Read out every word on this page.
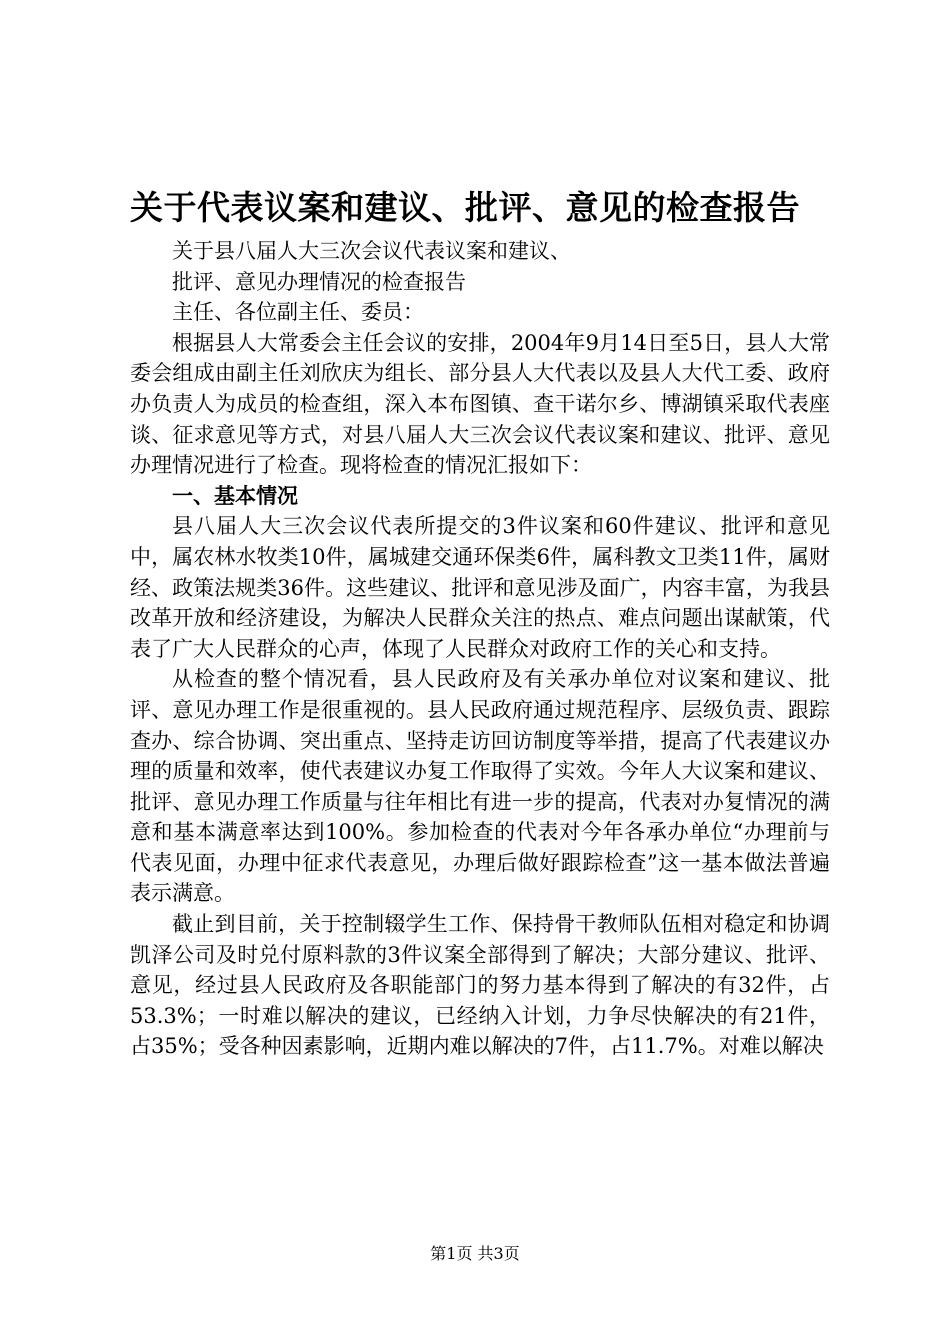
关于代表议案和建议、批评、意见的检查报告

关于县八届人大三次会议代表议案和建议、

批评、意见办理情况的检查报告

主任、各位副主任、委员：

根据县人大常委会主任会议的安排，2004年9月14日至5日，县人大常委会组成由副主任刘欣庆为组长、部分县人大代表以及县人大代工委、政府办负责人为成员的检查组，深入本布图镇、查干诺尔乡、博湖镇采取代表座谈、征求意见等方式，对县八届人大三次会议代表议案和建议、批评、意见办理情况进行了检查。现将检查的情况汇报如下：

一、基本情况

县八届人大三次会议代表所提交的3件议案和60件建议、批评和意见中，属农林水牧类10件，属城建交通环保类6件，属科教文卫类11件，属财经、政策法规类36件。这些建议、批评和意见涉及面广，内容丰富，为我县改革开放和经济建设，为解决人民群众关注的热点、难点问题出谋献策，代表了广大人民群众的心声，体现了人民群众对政府工作的关心和支持。

从检查的整个情况看，县人民政府及有关承办单位对议案和建议、批评、意见办理工作是很重视的。县人民政府通过规范程序、层级负责、跟踪查办、综合协调、突出重点、坚持走访回访制度等举措，提高了代表建议办理的质量和效率，使代表建议办复工作取得了实效。今年人大议案和建议、批评、意见办理工作质量与往年相比有进一步的提高，代表对办复情况的满意和基本满意率达到100%。参加检查的代表对今年各承办单位“办理前与代表见面，办理中征求代表意见，办理后做好跟踪检查”这一基本做法普遍表示满意。

截止到目前，关于控制辍学生工作、保持骨干教师队伍相对稳定和协调凯泽公司及时兑付原料款的3件议案全部得到了解决；大部分建议、批评、意见，经过县人民政府及各职能部门的努力基本得到了解决的有32件，占53.3%；一时难以解决的建议，已经纳入计划，力争尽快解决的有21件，占35%；受各种因素影响，近期内难以解决的7件，占11.7%。对难以解决

第1页 共3页
